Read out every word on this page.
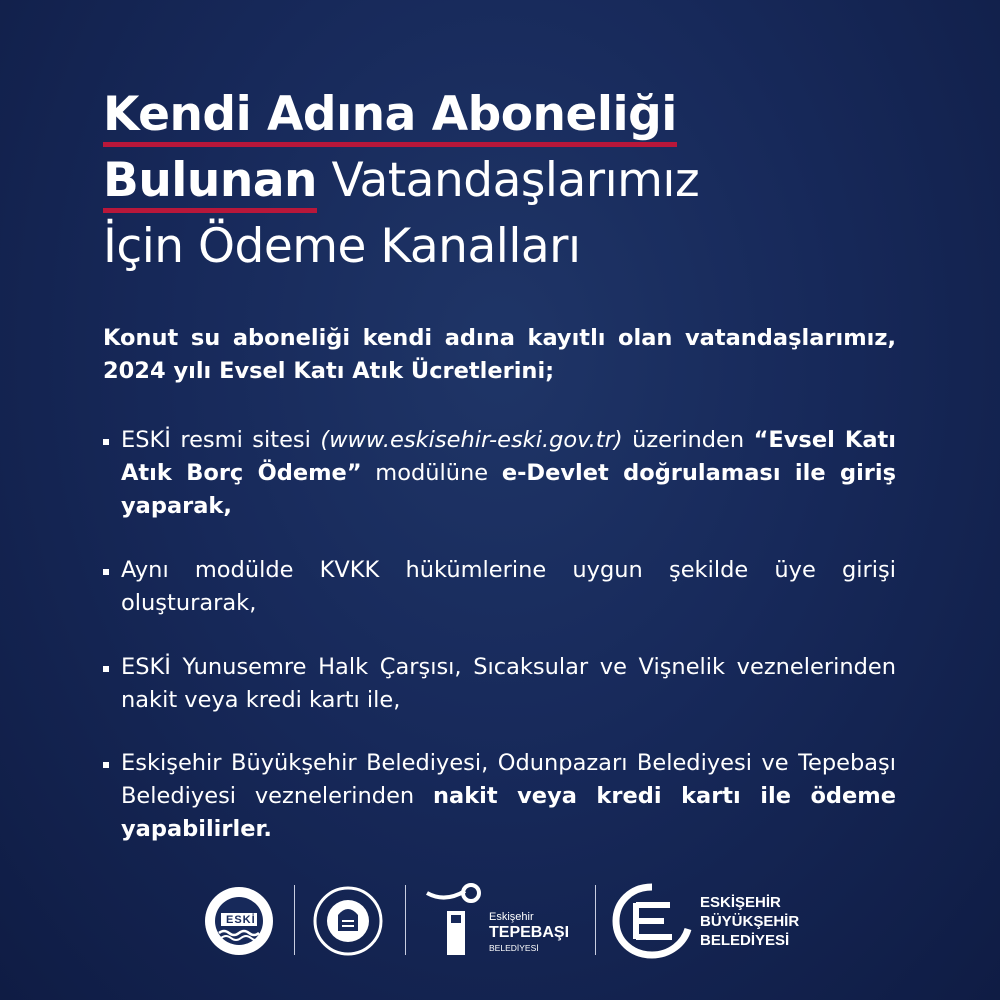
Kendi Adına Aboneliği
Bulunan Vatandaşlarımız
İçin Ödeme Kanalları
Konut su aboneliği kendi adına kayıtlı olan vatandaşlarımız, 2024 yılı Evsel Katı Atık Ücretlerini;
ESKİ resmi sitesi (www.eskisehir-eski.gov.tr) üzerinden “Evsel Katı Atık Borç Ödeme” modülüne e-Devlet doğrulaması ile giriş yaparak,
Aynı modülde KVKK hükümlerine uygun şekilde üye girişi oluşturarak,
ESKİ Yunusemre Halk Çarşısı, Sıcaksular ve Vişnelik veznelerinden nakit veya kredi kartı ile,
Eskişehir Büyükşehir Belediyesi, Odunpazarı Belediyesi ve Tepebaşı Belediyesi veznelerinden nakit veya kredi kartı ile ödeme yapabilirler.
ESKİ	Eskişehir
TEPEBAŞI
BELEDİYESİ
ESKİŞEHİR
BÜYÜKŞEHİR
BELEDİYESİ
